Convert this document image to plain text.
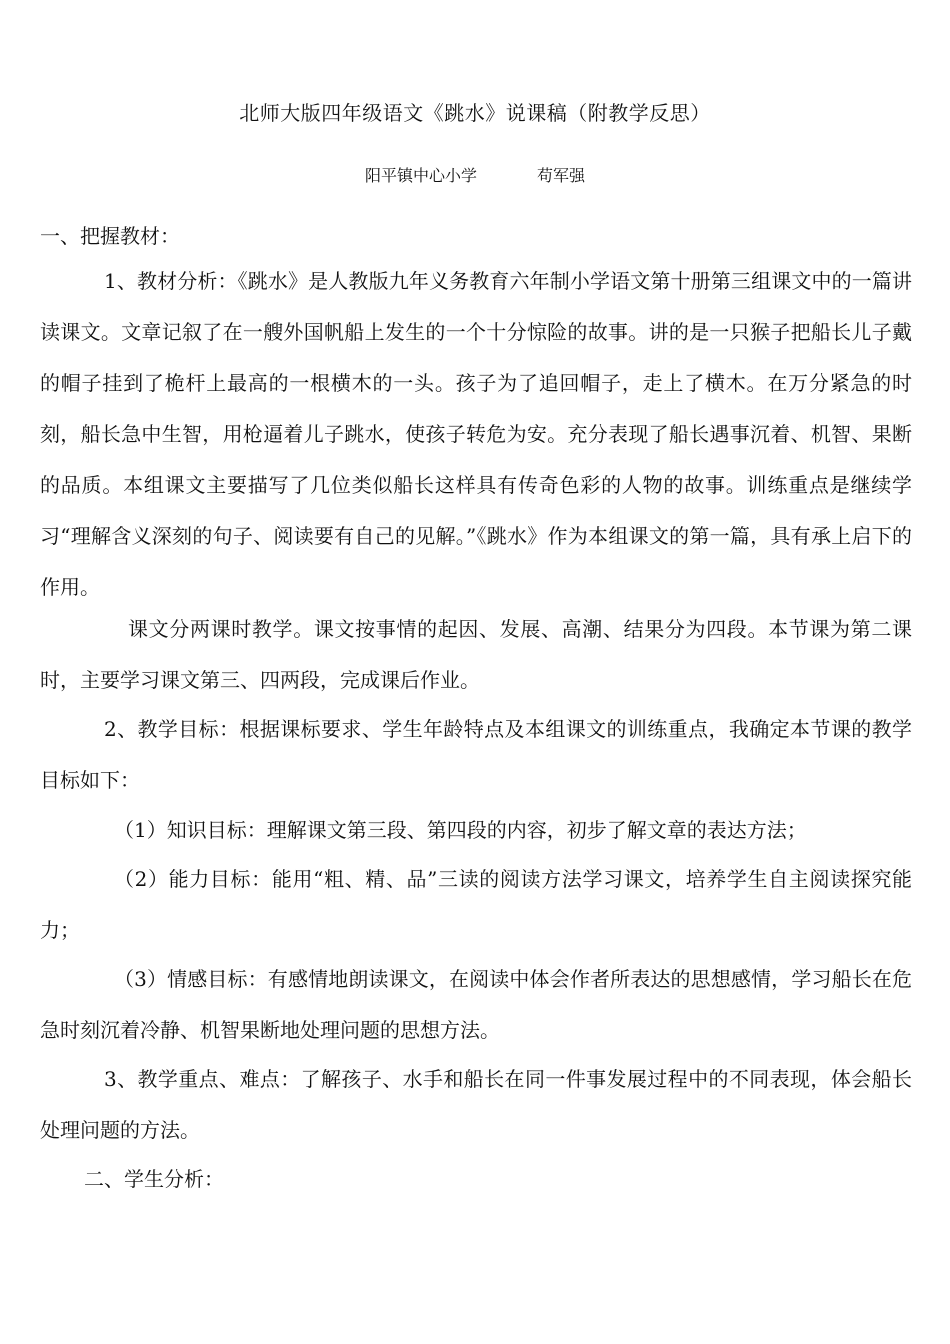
北师大版四年级语文《跳水》说课稿（附教学反思）
阳平镇中心小学	苟军强
一、把握教材：

1、教材分析：《跳水》是人教版九年义务教育六年制小学语文第十册第三组课文中的一篇讲读课文。文章记叙了在一艘外国帆船上发生的一个十分惊险的故事。讲的是一只猴子把船长儿子戴的帽子挂到了桅杆上最高的一根横木的一头。孩子为了追回帽子，走上了横木。在万分紧急的时刻，船长急中生智，用枪逼着儿子跳水，使孩子转危为安。充分表现了船长遇事沉着、机智、果断的品质。本组课文主要描写了几位类似船长这样具有传奇色彩的人物的故事。训练重点是继续学习“理解含义深刻的句子、阅读要有自己的见解。”《跳水》作为本组课文的第一篇，具有承上启下的作用。

课文分两课时教学。课文按事情的起因、发展、高潮、结果分为四段。本节课为第二课时，主要学习课文第三、四两段，完成课后作业。

2、教学目标：根据课标要求、学生年龄特点及本组课文的训练重点，我确定本节课的教学目标如下：

（1）知识目标：理解课文第三段、第四段的内容，初步了解文章的表达方法；

（2）能力目标：能用“粗、精、品”三读的阅读方法学习课文，培养学生自主阅读探究能力；

（3）情感目标：有感情地朗读课文，在阅读中体会作者所表达的思想感情，学习船长在危急时刻沉着冷静、机智果断地处理问题的思想方法。

3、教学重点、难点：了解孩子、水手和船长在同一件事发展过程中的不同表现，体会船长处理问题的方法。

二、学生分析：
